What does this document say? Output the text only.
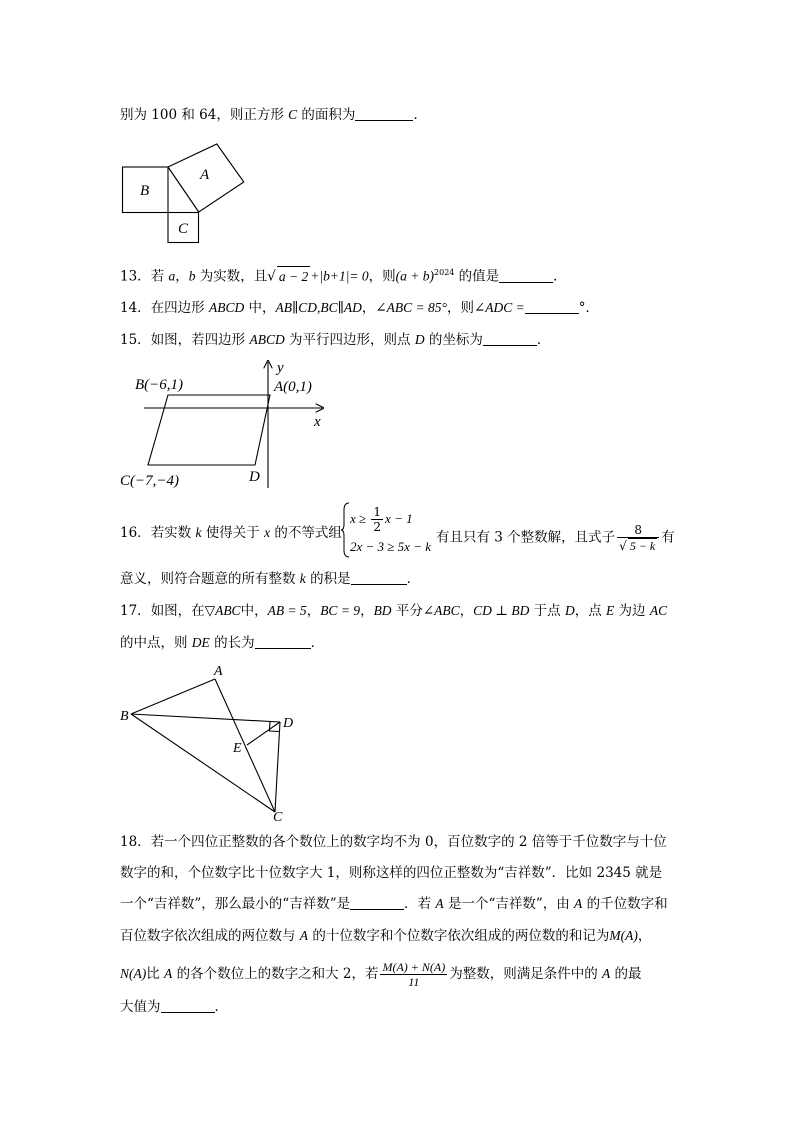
别为 100 和 64，则正方形 C 的面积为	．
A
B
C
13．若 a，b 为实数，且√ a − 2 +|b+1|= 0，则$(a + b)^{2024}$ 的值是	．
14．在四边形 ABCD 中，AB∥CD,BC∥AD，∠ABC = 85°，则∠ADC =	°．
15．如图，若四边形 ABCD 为平行四边形，则点 D 的坐标为	．
B(−6,1)	A(0,1)
C(−7,−4)	D
x
y
16．若实数 k 使得关于 x 的不等式组
$x \ge \frac{1}{2}$ x − 1
2x − 3 ≥ 5x − k
有且只有 3 个整数解，且式子 $\frac{8}{√ 5 - k}$ 有
意义，则符合题意的所有整数 k 的积是	．
17．如图，在▽ABC中，AB = 5，BC = 9，BD 平分∠ABC，CD ⊥ BD 于点 D，点 E 为边 AC
的中点，则 DE 的长为	．
A
B
C
D
E
18．若一个四位正整数的各个数位上的数字均不为 0，百位数字的 2 倍等于千位数字与十位
数字的和，个位数字比十位数字大 1，则称这样的四位正整数为“吉祥数”．比如 2345 就是
一个“吉祥数”，那么最小的“吉祥数”是	．若 A 是一个“吉祥数”，由 A 的千位数字和
百位数字依次组成的两位数与 A 的十位数字和个位数字依次组成的两位数的和记为M(A)，
N(A)比 A 的各个数位上的数字之和大 2，若 $\frac{M(A) + N(A)}{11}$ 为整数，则满足条件中的 A 的最
大值为	．
